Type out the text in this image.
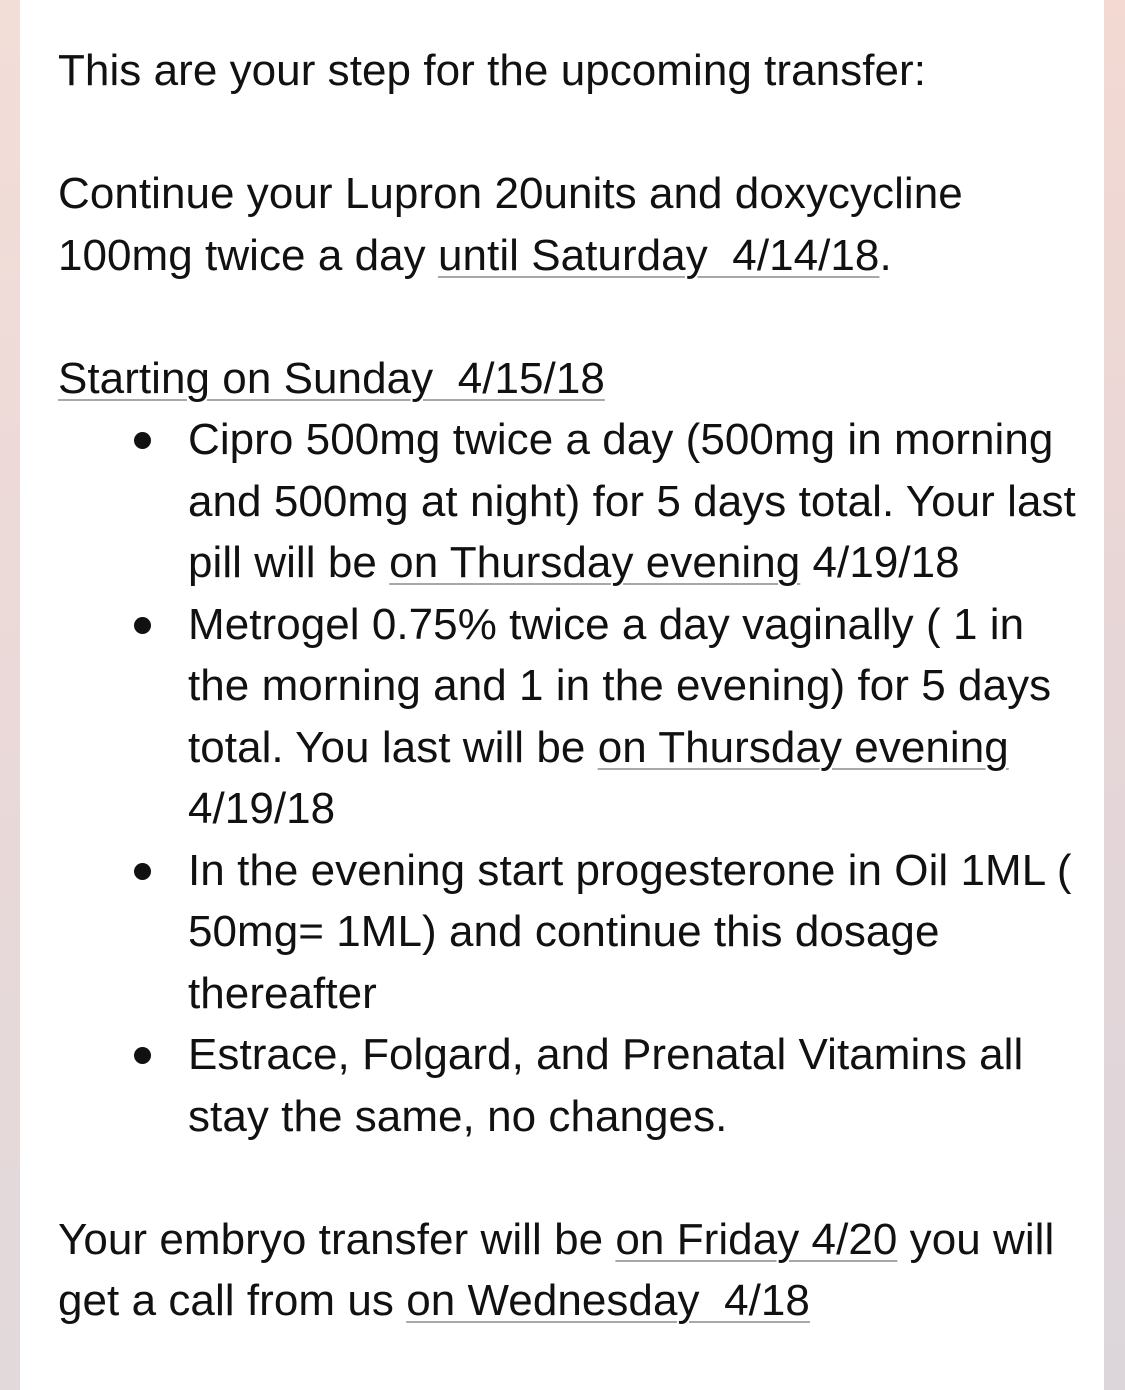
This are your step for the upcoming transfer:

Continue your Lupron 20units and doxycycline 100mg twice a day until Saturday  4/14/18.

Starting on Sunday  4/15/18

Cipro 500mg twice a day (500mg in morning and 500mg at night) for 5 days total. Your last pill will be on Thursday evening 4/19/18
Metrogel 0.75% twice a day vaginally ( 1 in the morning and 1 in the evening) for 5 days total. You last will be on Thursday evening 4/19/18
In the evening start progesterone in Oil 1ML ( 50mg= 1ML) and continue this dosage thereafter
Estrace, Folgard, and Prenatal Vitamins all stay the same, no changes.

Your embryo transfer will be on Friday 4/20 you will get a call from us on Wednesday  4/18
